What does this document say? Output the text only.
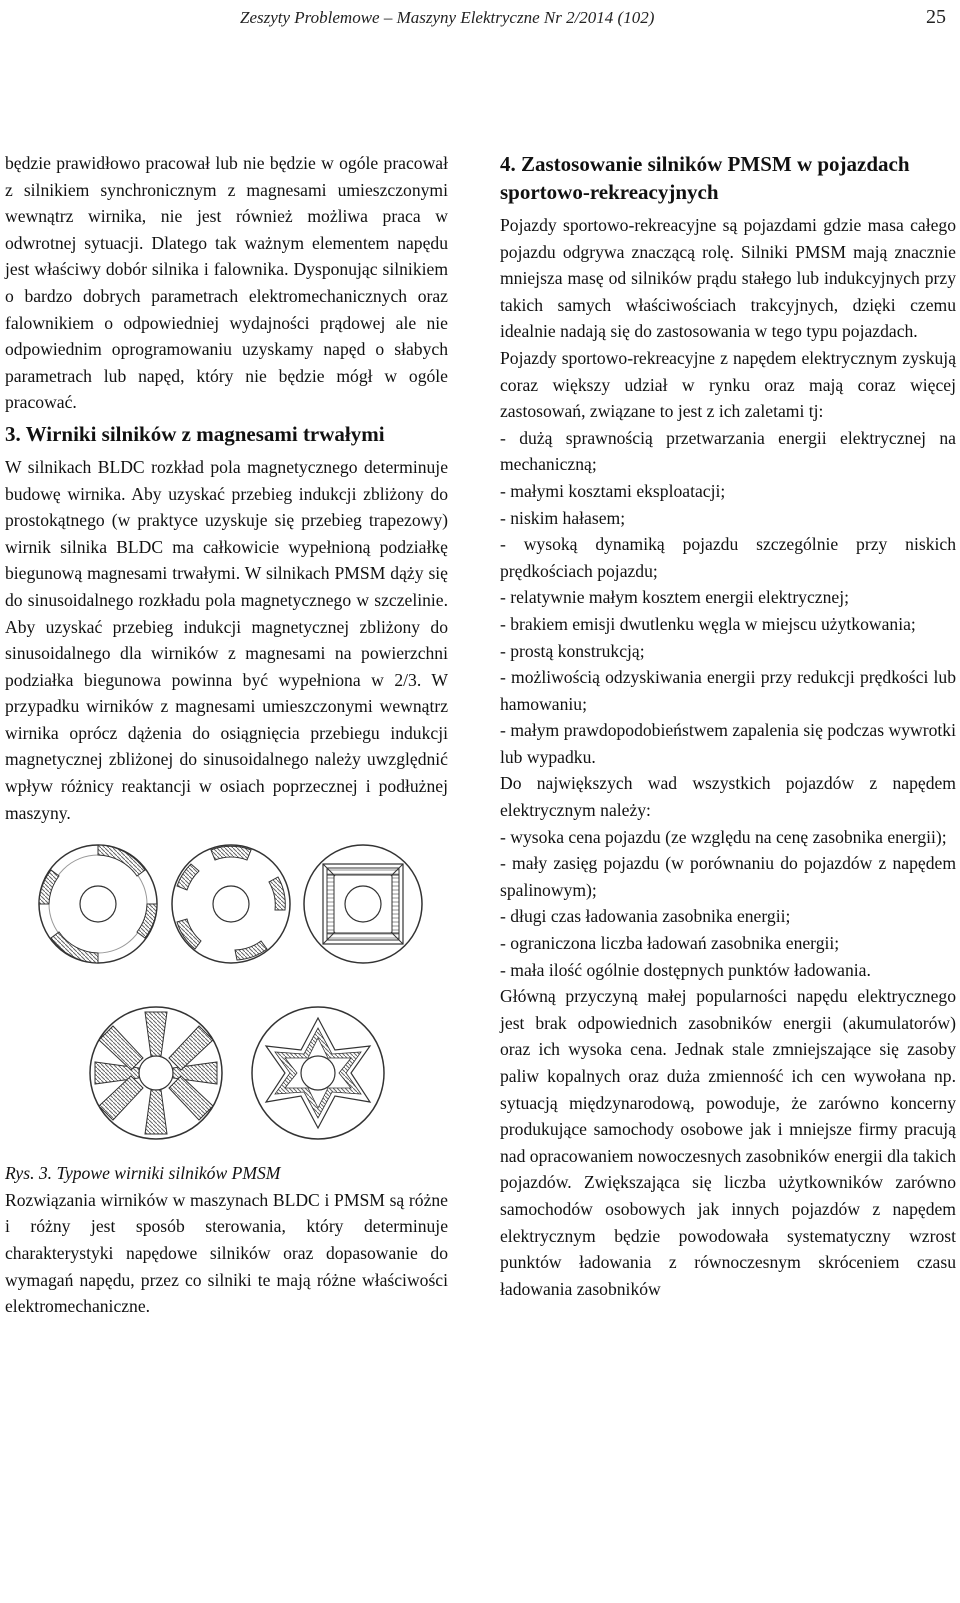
Zeszyty Problemowe – Maszyny Elektryczne Nr 2/2014 (102)	25

będzie prawidłowo pracował lub nie będzie w ogóle pracował z silnikiem synchronicznym z magnesami umieszczonymi wewnątrz wirnika, nie jest również możliwa praca w odwrotnej sytuacji. Dlatego tak ważnym elementem napędu jest właściwy dobór silnika i falownika. Dysponując silnikiem o bardzo dobrych parametrach elektromechanicznych oraz falownikiem o odpowiedniej wydajności prądowej ale nie odpowiednim oprogramowaniu uzyskamy napęd o słabych parametrach lub napęd, który nie będzie mógł w ogóle pracować.

3. Wirniki silników z magnesami trwałymi

W silnikach BLDC rozkład pola magnetycznego determinuje budowę wirnika. Aby uzyskać przebieg indukcji zbliżony do prostokątnego (w praktyce uzyskuje się przebieg trapezowy) wirnik silnika BLDC ma całkowicie wypełnioną podziałkę biegunową magnesami trwałymi. W silnikach PMSM dąży się do sinusoidalnego rozkładu pola magnetycznego w szczelinie. Aby uzyskać przebieg indukcji magnetycznej zbliżony do sinusoidalnego dla wirników z magnesami na powierzchni podziałka biegunowa powinna być wypełniona w 2/3. W przypadku wirników z magnesami umieszczonymi wewnątrz wirnika oprócz dążenia do osiągnięcia przebiegu indukcji magnetycznej zbliżonej do sinusoidalnego należy uwzględnić wpływ różnicy reaktancji w osiach poprzecznej i podłużnej maszyny.

Rys. 3. Typowe wirniki silników PMSM

Rozwiązania wirników w maszynach BLDC i PMSM są różne i różny jest sposób sterowania, który determinuje charakterystyki napędowe silników oraz dopasowanie do wymagań napędu, przez co silniki te mają różne właściwości elektromechaniczne.

4. Zastosowanie silników PMSM w pojazdach sportowo-rekreacyjnych

Pojazdy sportowo-rekreacyjne są pojazdami gdzie masa całego pojazdu odgrywa znaczącą rolę. Silniki PMSM mają znacznie mniejsza masę od silników prądu stałego lub indukcyjnych przy takich samych właściwościach trakcyjnych, dzięki czemu idealnie nadają się do zastosowania w tego typu pojazdach.

Pojazdy sportowo-rekreacyjne z napędem elektrycznym zyskują coraz większy udział w rynku oraz mają coraz więcej zastosowań, związane to jest z ich zaletami tj:

- dużą sprawnością przetwarzania energii elektrycznej na mechaniczną;

- małymi kosztami eksploatacji;

- niskim hałasem;

- wysoką dynamiką pojazdu szczególnie przy niskich prędkościach pojazdu;

- relatywnie małym kosztem energii elektrycznej;

- brakiem emisji dwutlenku węgla w miejscu użytkowania;

- prostą konstrukcją;

- możliwością odzyskiwania energii przy redukcji prędkości lub hamowaniu;

- małym prawdopodobieństwem zapalenia się podczas wywrotki lub wypadku.

Do największych wad wszystkich pojazdów z napędem elektrycznym należy:

- wysoka cena pojazdu (ze względu na cenę zasobnika energii);

- mały zasięg pojazdu (w porównaniu do pojazdów z napędem spalinowym);

- długi czas ładowania zasobnika energii;

- ograniczona liczba ładowań zasobnika energii;

- mała ilość ogólnie dostępnych punktów ładowania.

Główną przyczyną małej popularności napędu elektrycznego jest brak odpowiednich zasobników energii (akumulatorów) oraz ich wysoka cena. Jednak stale zmniejszające się zasoby paliw kopalnych oraz duża zmienność ich cen wywołana np. sytuacją międzynarodową, powoduje, że zarówno koncerny produkujące samochody osobowe jak i mniejsze firmy pracują nad opracowaniem nowoczesnych zasobników energii dla takich pojazdów. Zwiększająca się liczba użytkowników zarówno samochodów osobowych jak innych pojazdów z napędem elektrycznym będzie powodowała systematyczny wzrost punktów ładowania z równoczesnym skróceniem czasu ładowania zasobników
